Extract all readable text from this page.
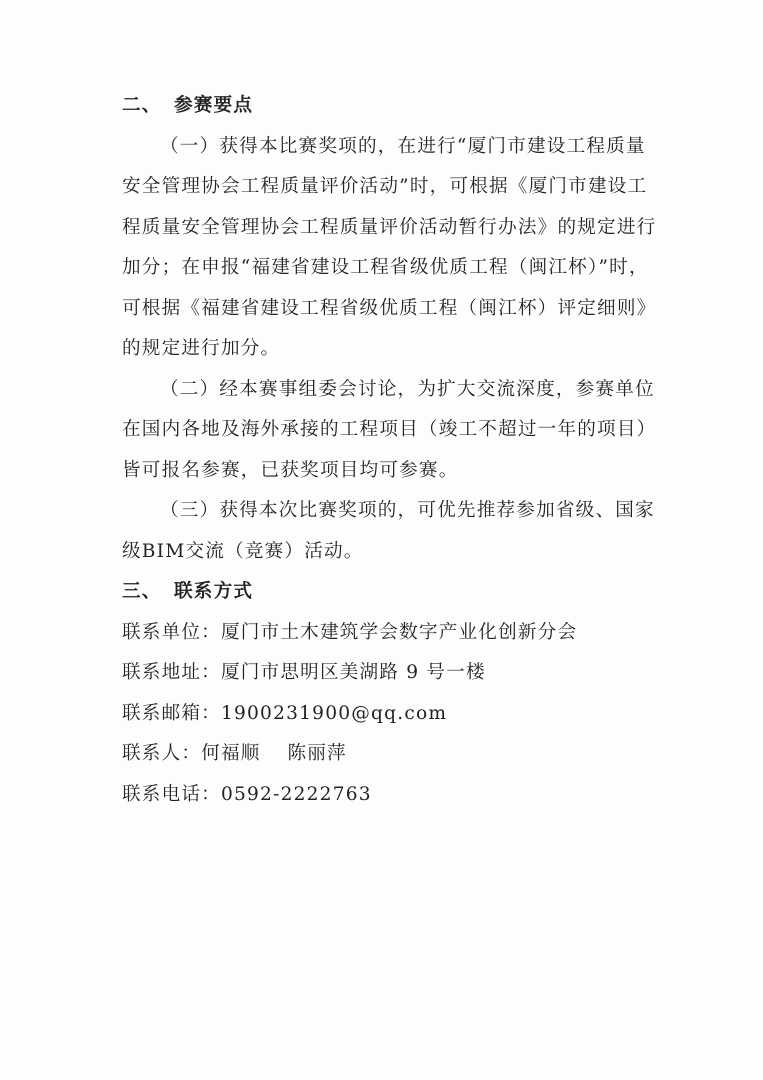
二、 参赛要点
（一）获得本比赛奖项的，在进行“厦门市建设工程质量
安全管理协会工程质量评价活动”时，可根据《厦门市建设工
程质量安全管理协会工程质量评价活动暂行办法》的规定进行
加分；在申报“福建省建设工程省级优质工程（闽江杯）”时，
可根据《福建省建设工程省级优质工程（闽江杯）评定细则》
的规定进行加分。
（二）经本赛事组委会讨论，为扩大交流深度，参赛单位
在国内各地及海外承接的工程项目（竣工不超过一年的项目）
皆可报名参赛，已获奖项目均可参赛。
（三）获得本次比赛奖项的，可优先推荐参加省级、国家
级BIM交流（竞赛）活动。
三、 联系方式
联系单位：厦门市土木建筑学会数字产业化创新分会
联系地址：厦门市思明区美湖路 9 号一楼
联系邮箱：1900231900@qq.com
联系人：何福顺　 陈丽萍
联系电话：0592-2222763
